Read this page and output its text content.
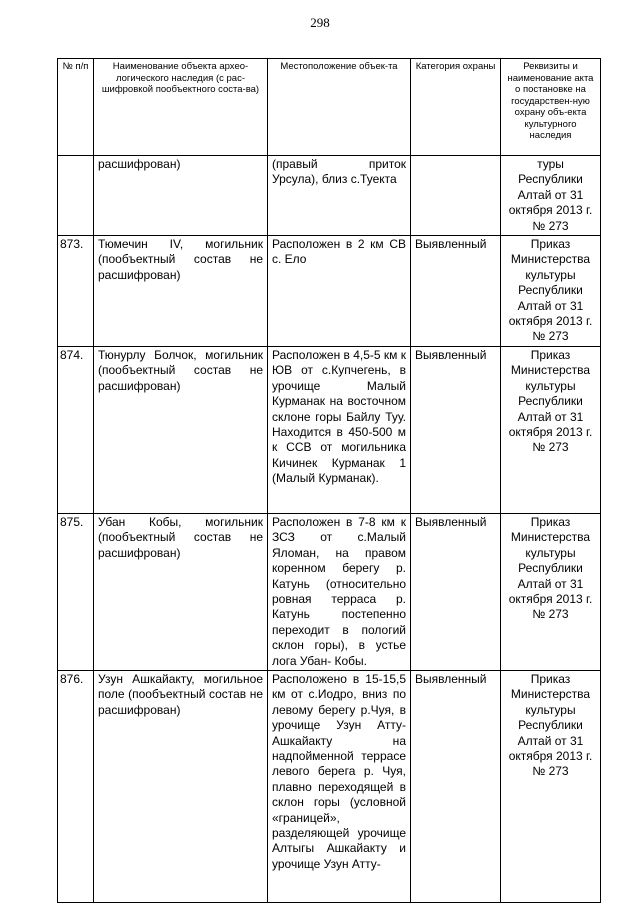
298
№ п/п	Наименование объекта архео-логического наследия (с рас-шифровкой пообъектного соста-ва)	Местоположение объек-та	Категория охраны	Реквизиты и наименование акта о постановке на государствен-ную охрану объ-екта культурного наследия
	расшифрован)	(правый приток Урсула), близ с.Туекта		туры Республики Алтай от 31 октября 2013 г. № 273
873.	Тюмечин IV, могильник (пообъектный состав не расшифрован)	Расположен в 2 км СВ с. Ело	Выявленный	Приказ Министерства культуры Республики Алтай от 31 октября 2013 г. № 273
874.	Тюнурлу Болчок, могильник (пообъектный состав не расшифрован)	Расположен в 4,5-5 км к ЮВ от с.Купчегень, в урочище Малый Курманак на восточном склоне горы Байлу Туу. Находится в 450-500 м к ССВ от могильника Кичинек Курманак 1 (Малый Курманак).	Выявленный	Приказ Министерства культуры Республики Алтай от 31 октября 2013 г. № 273
875.	Убан Кобы, могильник (пообъектный состав не расшифрован)	Расположен в 7-8 км к ЗСЗ от с.Малый Яломан, на правом коренном берегу р. Катунь (относительно ровная терраса р. Катунь постепенно переходит в пологий склон горы), в устье лога Убан- Кобы.	Выявленный	Приказ Министерства культуры Республики Алтай от 31 октября 2013 г. № 273
876.	Узун Ашкайакту, могильное поле (пообъектный состав не расшифрован)	Расположено в 15-15,5 км от с.Иодро, вниз по левому берегу р.Чуя, в урочище Узун Атту-Ашкайакту на надпойменной террасе левого берега р. Чуя, плавно переходящей в склон горы (условной «границей», разделяющей урочище Алтыгы Ашкайакту и урочище Узун Атту-	Выявленный	Приказ Министерства культуры Республики Алтай от 31 октября 2013 г. № 273
